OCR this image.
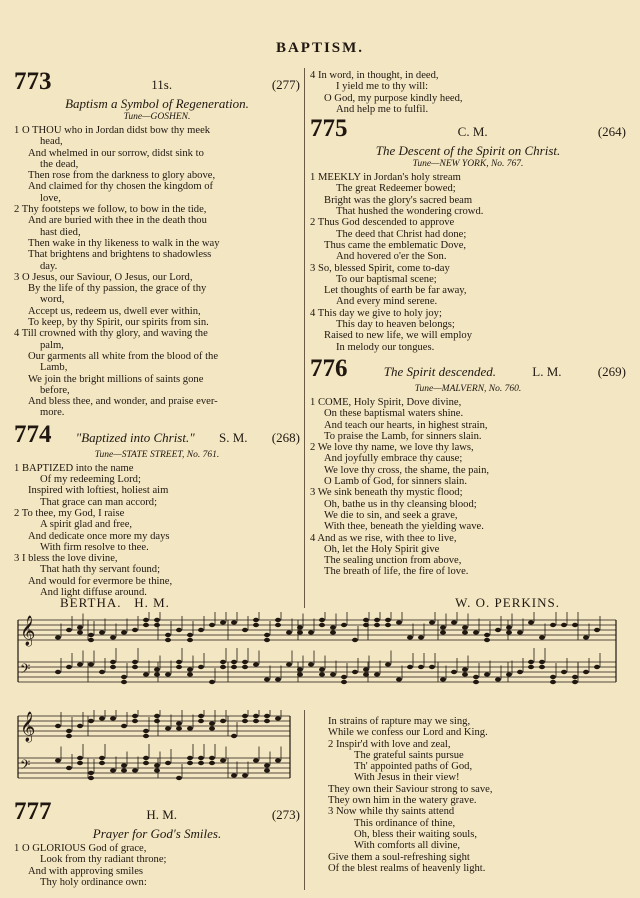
BAPTISM.
773	11s.	(277)
Baptism a Symbol of Regeneration.
Tune—GOSHEN.
1 O THOU who in Jordan didst bow thy meek
head,
And whelmed in our sorrow, didst sink to
the dead,
Then rose from the darkness to glory above,
And claimed for thy chosen the kingdom of
love,
2 Thy footsteps we follow, to bow in the tide,
And are buried with thee in the death thou
hast died,
Then wake in thy likeness to walk in the way
That brightens and brightens to shadowless
day.
3 O Jesus, our Saviour, O Jesus, our Lord,
By the life of thy passion, the grace of thy
word,
Accept us, redeem us, dwell ever within,
To keep, by thy Spirit, our spirits from sin.
4 Till crowned with thy glory, and waving the
palm,
Our garments all white from the blood of the
Lamb,
We join the bright millions of saints gone
before,
And bless thee, and wonder, and praise ever-
more.
774 "Baptized into Christ." S. M. (268)
Tune—STATE STREET, No. 761.
1 BAPTIZED into the name
Of my redeeming Lord;
Inspired with loftiest, holiest aim
That grace can man accord;
2 To thee, my God, I raise
A spirit glad and free,
And dedicate once more my days
With firm resolve to thee.
3 I bless the love divine,
That hath thy servant found;
And would for evermore be thine,
And light diffuse around.
4 In word, in thought, in deed,
I yield me to thy will:
O God, my purpose kindly heed,
And help me to fulfil.
775	C. M.	(264)
The Descent of the Spirit on Christ.
Tune—NEW YORK, No. 767.
1 MEEKLY in Jordan's holy stream
The great Redeemer bowed;
Bright was the glory's sacred beam
That hushed the wondering crowd.
2 Thus God descended to approve
The deed that Christ had done;
Thus came the emblematic Dove,
And hovered o'er the Son.
3 So, blessed Spirit, come to-day
To our baptismal scene;
Let thoughts of earth be far away,
And every mind serene.
4 This day we give to holy joy;
This day to heaven belongs;
Raised to new life, we will employ
In melody our tongues.
776	The Spirit descended.	L. M.	(269)
Tune—MALVERN, No. 760.
1 COME, Holy Spirit, Dove divine,
On these baptismal waters shine.
And teach our hearts, in highest strain,
To praise the Lamb, for sinners slain.
2 We love thy name, we love thy laws,
And joyfully embrace thy cause;
We love thy cross, the shame, the pain,
O Lamb of God, for sinners slain.
3 We sink beneath thy mystic flood;
Oh, bathe us in thy cleansing blood;
We die to sin, and seek a grave,
With thee, beneath the yielding wave.
4 And as we rise, with thee to live,
Oh, let the Holy Spirit give
The sealing unction from above,
The breath of life, the fire of love.
BERTHA. H. M.	W. O. PERKINS.
𝄞
𝄢
𝄞
𝄢
In strains of rapture may we sing,
While we confess our Lord and King.
2 Inspir'd with love and zeal,
The grateful saints pursue
Th' appointed paths of God,
With Jesus in their view!
They own their Saviour strong to save,
They own him in the watery grave.
3 Now while thy saints attend
This ordinance of thine,
Oh, bless their waiting souls,
With comforts all divine,
Give them a soul-refreshing sight
Of the blest realms of heavenly light.
777	H. M.	(273)
Prayer for God's Smiles.
1 O GLORIOUS God of grace,
Look from thy radiant throne;
And with approving smiles
Thy holy ordinance own:
